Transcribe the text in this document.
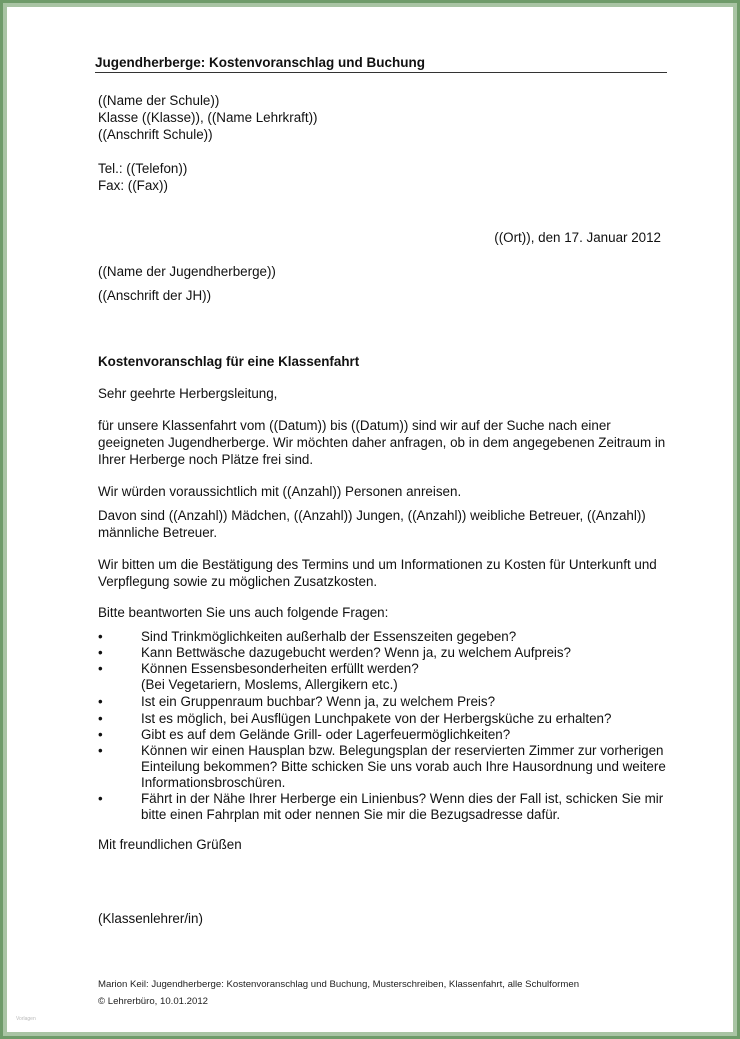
Jugendherberge: Kostenvoranschlag und Buchung
((Name der Schule))
Klasse ((Klasse)), ((Name Lehrkraft))
((Anschrift Schule))
Tel.: ((Telefon))
Fax: ((Fax))
((Ort)), den 17. Januar 2012
((Name der Jugendherberge))
((Anschrift der JH))
Kostenvoranschlag für eine Klassenfahrt
Sehr geehrte Herbergsleitung,
für unsere Klassenfahrt vom ((Datum)) bis ((Datum)) sind wir auf der Suche nach einer
geeigneten Jugendherberge. Wir möchten daher anfragen, ob in dem angegebenen Zeitraum in
Ihrer Herberge noch Plätze frei sind.
Wir würden voraussichtlich mit ((Anzahl)) Personen anreisen.
Davon sind ((Anzahl)) Mädchen, ((Anzahl)) Jungen, ((Anzahl)) weibliche Betreuer, ((Anzahl))
männliche Betreuer.
Wir bitten um die Bestätigung des Termins und um Informationen zu Kosten für Unterkunft und
Verpflegung sowie zu möglichen Zusatzkosten.
Bitte beantworten Sie uns auch folgende Fragen:
•	Sind Trinkmöglichkeiten außerhalb der Essenszeiten gegeben?
•	Kann Bettwäsche dazugebucht werden? Wenn ja, zu welchem Aufpreis?
•	Können Essensbesonderheiten erfüllt werden?
(Bei Vegetariern, Moslems, Allergikern etc.)
•	Ist ein Gruppenraum buchbar? Wenn ja, zu welchem Preis?
•	Ist es möglich, bei Ausflügen Lunchpakete von der Herbergsküche zu erhalten?
•	Gibt es auf dem Gelände Grill- oder Lagerfeuermöglichkeiten?
•	Können wir einen Hausplan bzw. Belegungsplan der reservierten Zimmer zur vorherigen
Einteilung bekommen? Bitte schicken Sie uns vorab auch Ihre Hausordnung und weitere
Informationsbroschüren.
•	Fährt in der Nähe Ihrer Herberge ein Linienbus? Wenn dies der Fall ist, schicken Sie mir
bitte einen Fahrplan mit oder nennen Sie mir die Bezugsadresse dafür.
Mit freundlichen Grüßen
(Klassenlehrer/in)
Marion Keil: Jugendherberge: Kostenvoranschlag und Buchung, Musterschreiben, Klassenfahrt, alle Schulformen
© Lehrerbüro, 10.01.2012
Vorlagen
